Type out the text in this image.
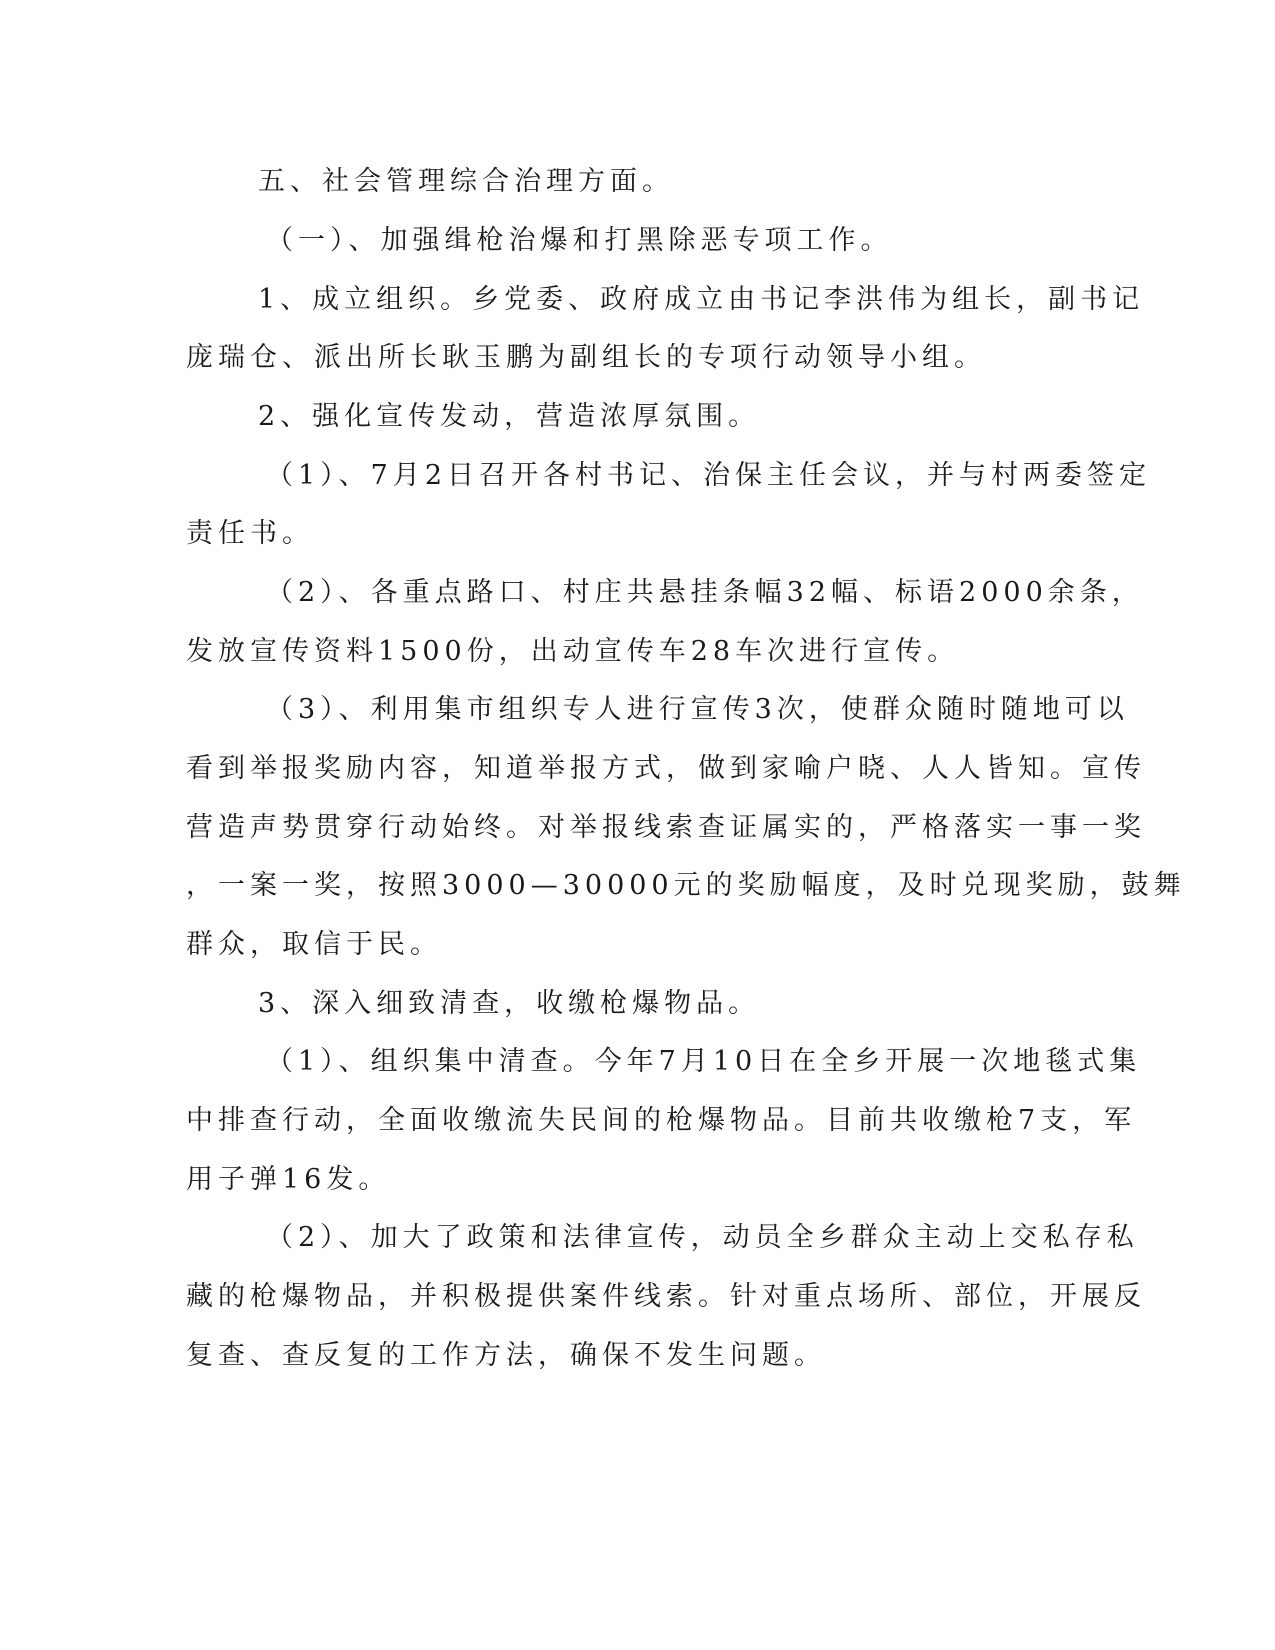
五、社会管理综合治理方面。
（一）、加强缉枪治爆和打黑除恶专项工作。
1、成立组织。乡党委、政府成立由书记李洪伟为组长，副书记
庞瑞仓、派出所长耿玉鹏为副组长的专项行动领导小组。
2、强化宣传发动，营造浓厚氛围。
（1）、7月2日召开各村书记、治保主任会议，并与村两委签定
责任书。
（2）、各重点路口、村庄共悬挂条幅32幅、标语2000余条，
发放宣传资料1500份，出动宣传车28车次进行宣传。
（3）、利用集市组织专人进行宣传3次，使群众随时随地可以
看到举报奖励内容，知道举报方式，做到家喻户晓、人人皆知。宣传
营造声势贯穿行动始终。对举报线索查证属实的，严格落实一事一奖
，一案一奖，按照3000—30000元的奖励幅度，及时兑现奖励，鼓舞
群众，取信于民。
3、深入细致清查，收缴枪爆物品。
（1）、组织集中清查。今年7月10日在全乡开展一次地毯式集
中排查行动，全面收缴流失民间的枪爆物品。目前共收缴枪7支，军
用子弹16发。
（2）、加大了政策和法律宣传，动员全乡群众主动上交私存私
藏的枪爆物品，并积极提供案件线索。针对重点场所、部位，开展反
复查、查反复的工作方法，确保不发生问题。
